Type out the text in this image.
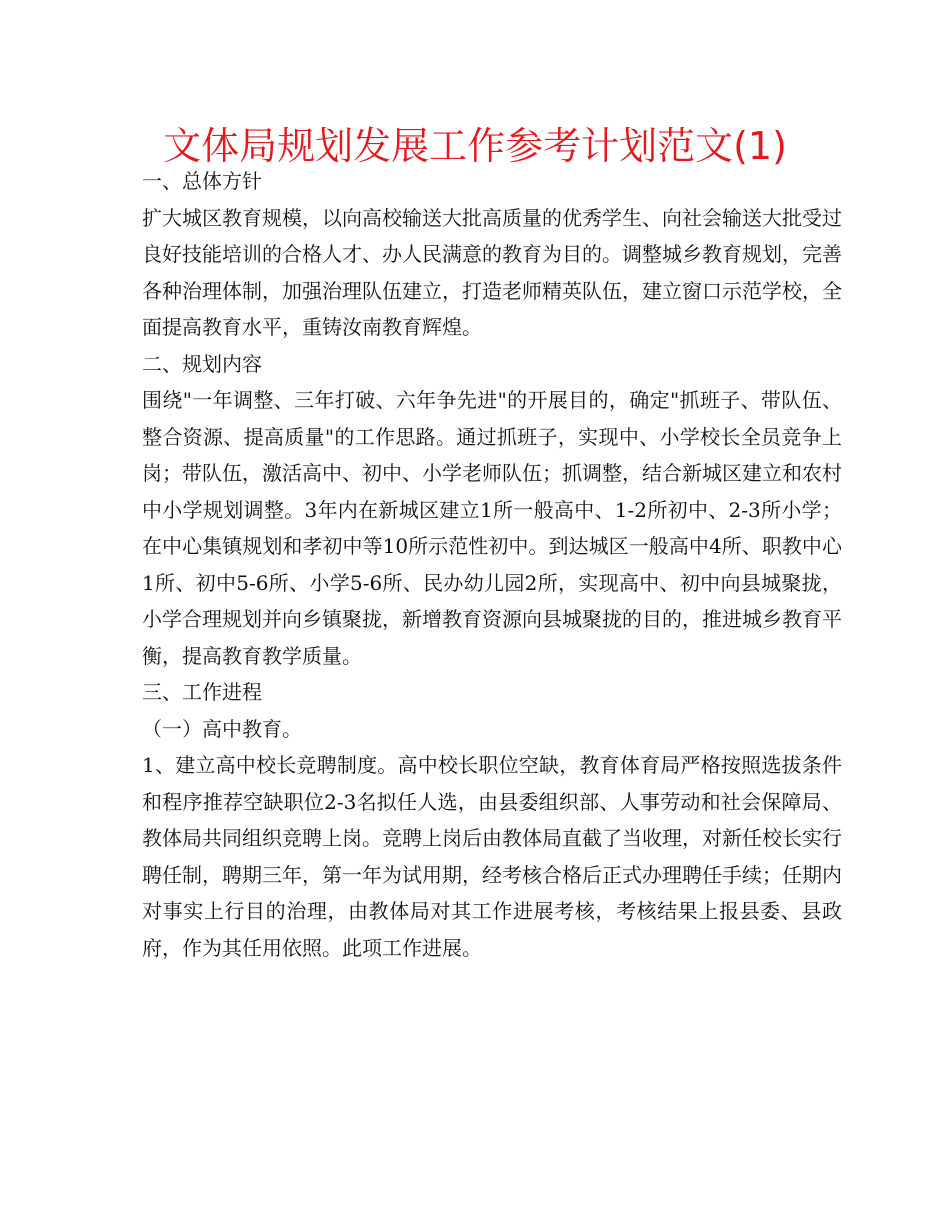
文体局规划发展工作参考计划范文(1)

一、总体方针

扩大城区教育规模，以向高校输送大批高质量的优秀学生、向社会输送大批受过良好技能培训的合格人才、办人民满意的教育为目的。调整城乡教育规划，完善各种治理体制，加强治理队伍建立，打造老师精英队伍，建立窗口示范学校，全面提高教育水平，重铸汝南教育辉煌。

二、规划内容

围绕"一年调整、三年打破、六年争先进"的开展目的，确定"抓班子、带队伍、整合资源、提高质量"的工作思路。通过抓班子，实现中、小学校长全员竞争上岗；带队伍，激活高中、初中、小学老师队伍；抓调整，结合新城区建立和农村中小学规划调整。3年内在新城区建立1所一般高中、1-2所初中、2-3所小学；在中心集镇规划和孝初中等10所示范性初中。到达城区一般高中4所、职教中心1所、初中5-6所、小学5-6所、民办幼儿园2所，实现高中、初中向县城聚拢，小学合理规划并向乡镇聚拢，新增教育资源向县城聚拢的目的，推进城乡教育平衡，提高教育教学质量。

三、工作进程

（一）高中教育。

1、建立高中校长竞聘制度。高中校长职位空缺，教育体育局严格按照选拔条件和程序推荐空缺职位2-3名拟任人选，由县委组织部、人事劳动和社会保障局、教体局共同组织竞聘上岗。竞聘上岗后由教体局直截了当收理，对新任校长实行聘任制，聘期三年，第一年为试用期，经考核合格后正式办理聘任手续；任期内对事实上行目的治理，由教体局对其工作进展考核，考核结果上报县委、县政府，作为其任用依照。此项工作进展。
